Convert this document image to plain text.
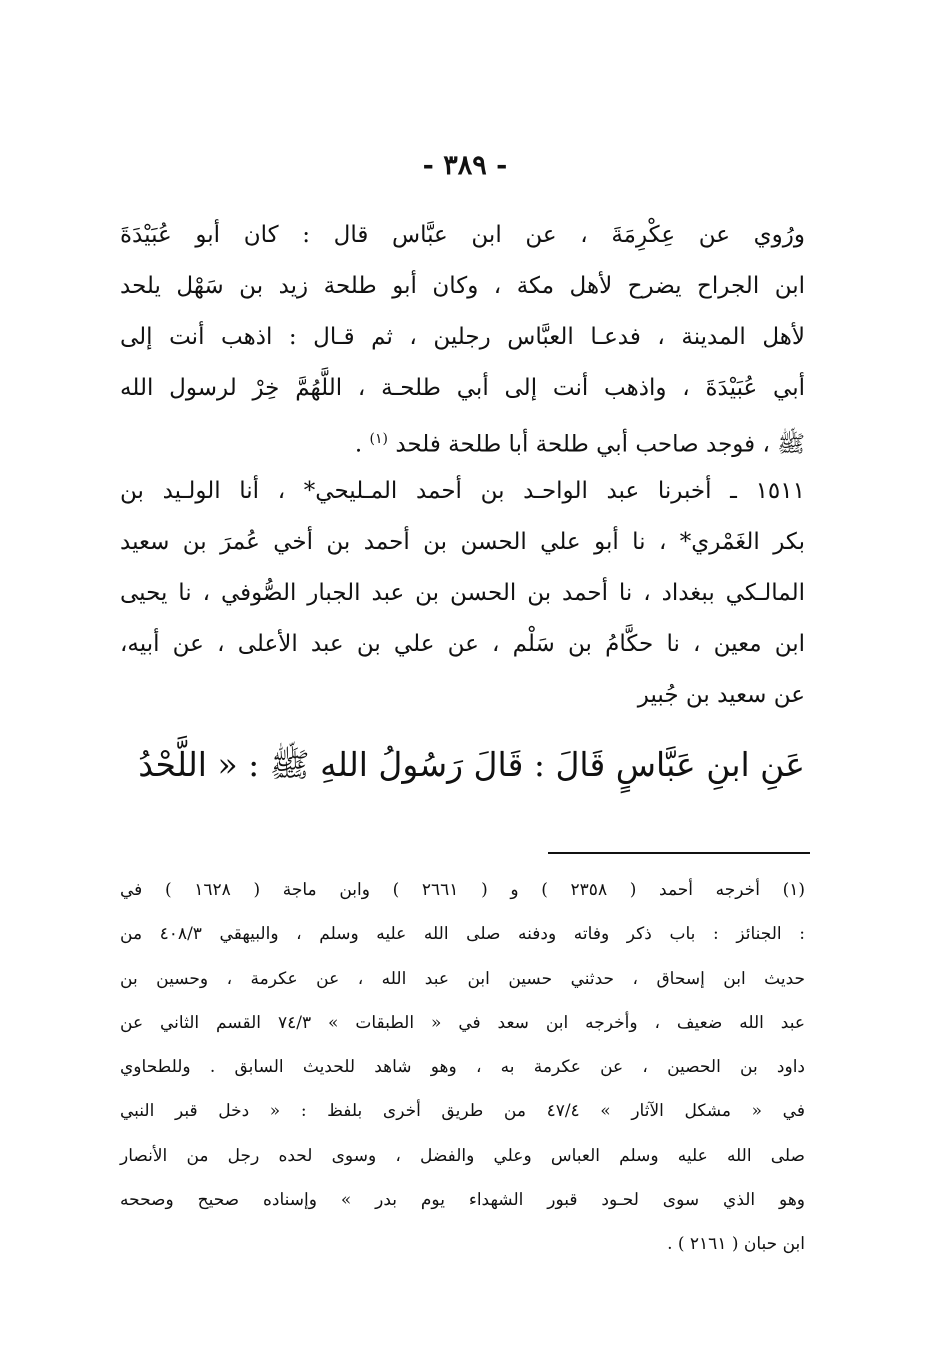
- ٣٨٩ -
ورُوي عن عِكْرِمَةَ ، عن ابن عبَّاس قال : كان أبو عُبَيْدَةَ
ابن الجراح يضرح لأهل مكة ، وكان أبو طلحة زيد بن سَهْل يلحد
لأهل المدينة ، فدعـا العبَّاس رجلين ، ثم قـال : اذهب أنت إلى
أبي عُبَيْدَةَ ، واذهب أنت إلى أبي طلحـة ، اللَّهُمَّ خِرْ لرسول الله
ﷺ ، فوجد صاحب أبي طلحة أبا طلحة فلحد $^{(١)}$ .
١٥١١ ـ أخبرنا عبد الواحـد بن أحمد المـليحي* ، أنا الولـيد بن
بكر الغَمْري* ، نا أبو علي الحسن بن أحمد بن أخي عُمرَ بن سعيد
المالـكي ببغداد ، نا أحمد بن الحسن بن عبد الجبار الصُّوفي ، نا يحيى
ابن معين ، نا حكَّامُ بن سَلْم ، عن علي بن عبد الأعلى ، عن أبيه،
عن سعيد بن جُبير
عَنِ ابنِ عَبَّاسٍ قَالَ : قَالَ رَسُولُ اللهِ ﷺ : « اللَّحْدُ
(١) أخرجه أحمد ( ٢٣٥٨ ) و ( ٢٦٦١ ) وابن ماجة ( ١٦٢٨ ) في
: الجنائز : باب ذكر وفاته ودفنه صلى الله عليه وسلم ، والبيهقي ٤٠٨/٣ من
حديث ابن إسحاق ، حدثني حسين ابن عبد الله ، عن عكرمة ، وحسين بن
عبد الله ضعيف ، وأخرجه ابن سعد في « الطبقات » ٧٤/٣ القسم الثاني عن
داود بن الحصين ، عن عكرمة به ، وهو شاهد للحديث السابق . وللطحاوي
في « مشكل الآثار » ٤٧/٤ من طريق أخرى بلفظ : « دخل قبر النبي
صلى الله عليه وسلم العباس وعلي والفضل ، وسوى لحده رجل من الأنصار
وهو الذي سوى لحـود قبور الشهداء يوم بدر » وإسناده صحيح وصححه
ابن حبان ( ٢١٦١ ) .
